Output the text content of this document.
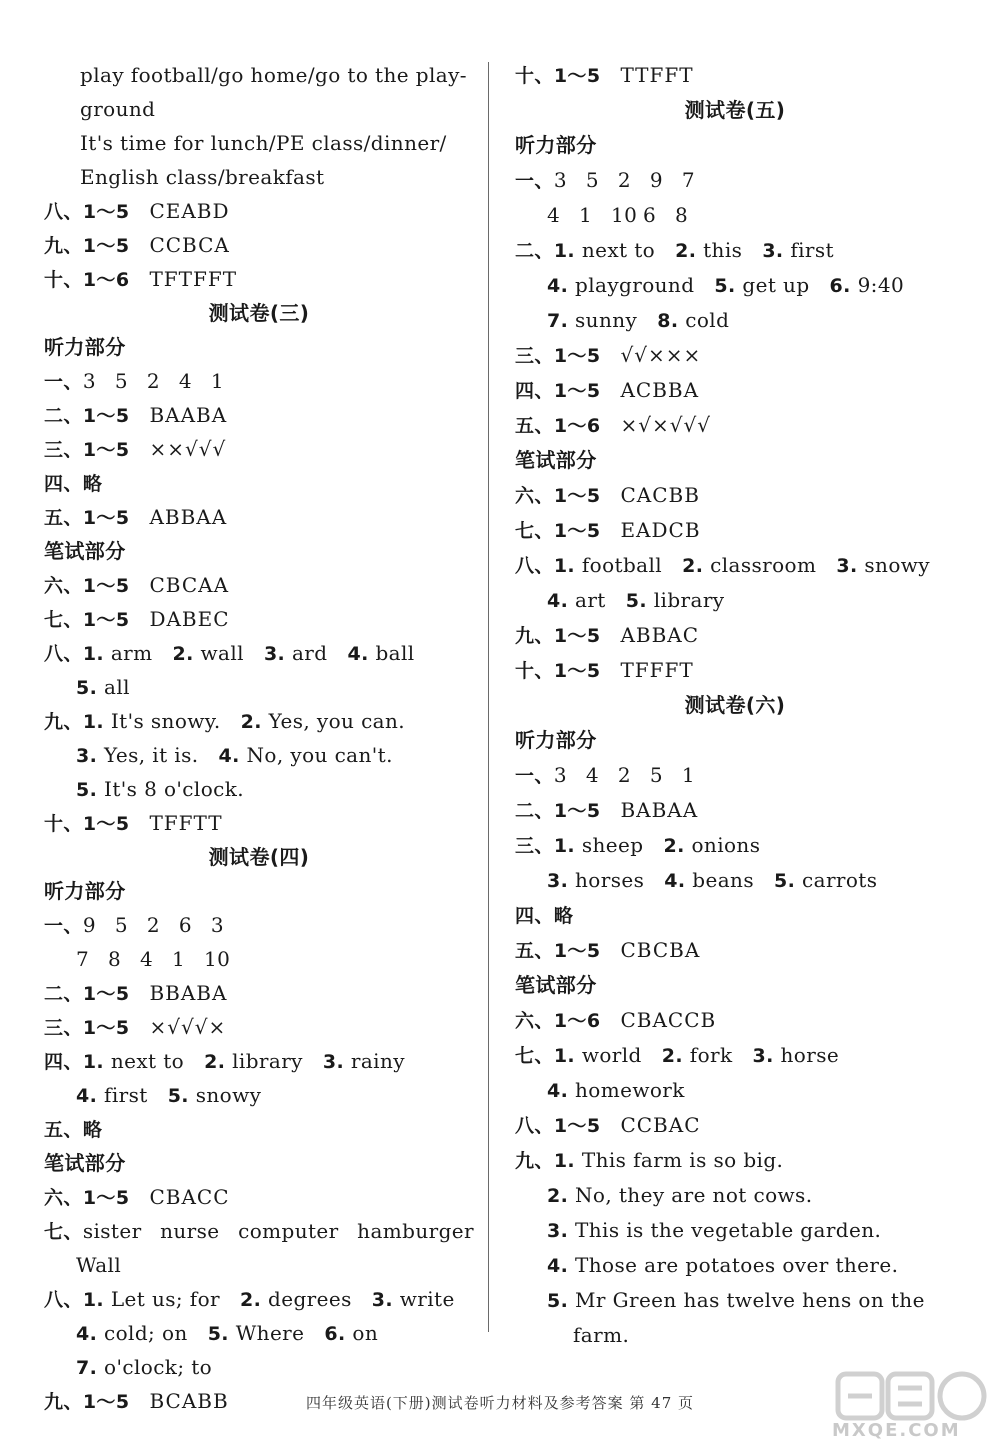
play football/go home/go to the play-
ground
It's time for lunch/PE class/dinner/
English class/breakfast
八、1～5 CEABD
九、1～5 CCBCA
十、1～6 TFTFFT
测试卷(三)
听力部分
一、3 5 2 4 1
二、1～5 BAABA
三、1～5 ××√√√
四、略
五、1～5 ABBAA
笔试部分
六、1～5 CBCAA
七、1～5 DABEC
八、1. arm 2. wall 3. ard 4. ball
5. all
九、1. It's snowy. 2. Yes, you can.
3. Yes, it is. 4. No, you can't.
5. It's 8 o'clock.
十、1～5 TFFTT
测试卷(四)
听力部分
一、9 5 2 6 3
7 8 4 1 10
二、1～5 BBABA
三、1～5 ×√√√×
四、1. next to 2. library 3. rainy
4. first 5. snowy
五、略
笔试部分
六、1～5 CBACC
七、sister nurse computer hamburger
Wall
八、1. Let us; for 2. degrees 3. write
4. cold; on 5. Where 6. on
7. o'clock; to
九、1～5 BCABB
十、1～5 TTFFT
测试卷(五)
听力部分
一、3 5 2 9 7
4 1 10 6 8
二、1. next to 2. this 3. first
4. playground 5. get up 6. 9:40
7. sunny 8. cold
三、1～5 √√×××
四、1～5 ACBBA
五、1～6 ×√×√√√
笔试部分
六、1～5 CACBB
七、1～5 EADCB
八、1. football 2. classroom 3. snowy
4. art 5. library
九、1～5 ABBAC
十、1～5 TFFFT
测试卷(六)
听力部分
一、3 4 2 5 1
二、1～5 BABAA
三、1. sheep 2. onions
3. horses 4. beans 5. carrots
四、略
五、1～5 CBCBA
笔试部分
六、1～6 CBACCB
七、1. world 2. fork 3. horse
4. homework
八、1～5 CCBAC
九、1. This farm is so big.
2. No, they are not cows.
3. This is the vegetable garden.
4. Those are potatoes over there.
5. Mr Green has twelve hens on the
farm.
四年级英语(下册)测试卷听力材料及参考答案 第 47 页
MXQE.COM
